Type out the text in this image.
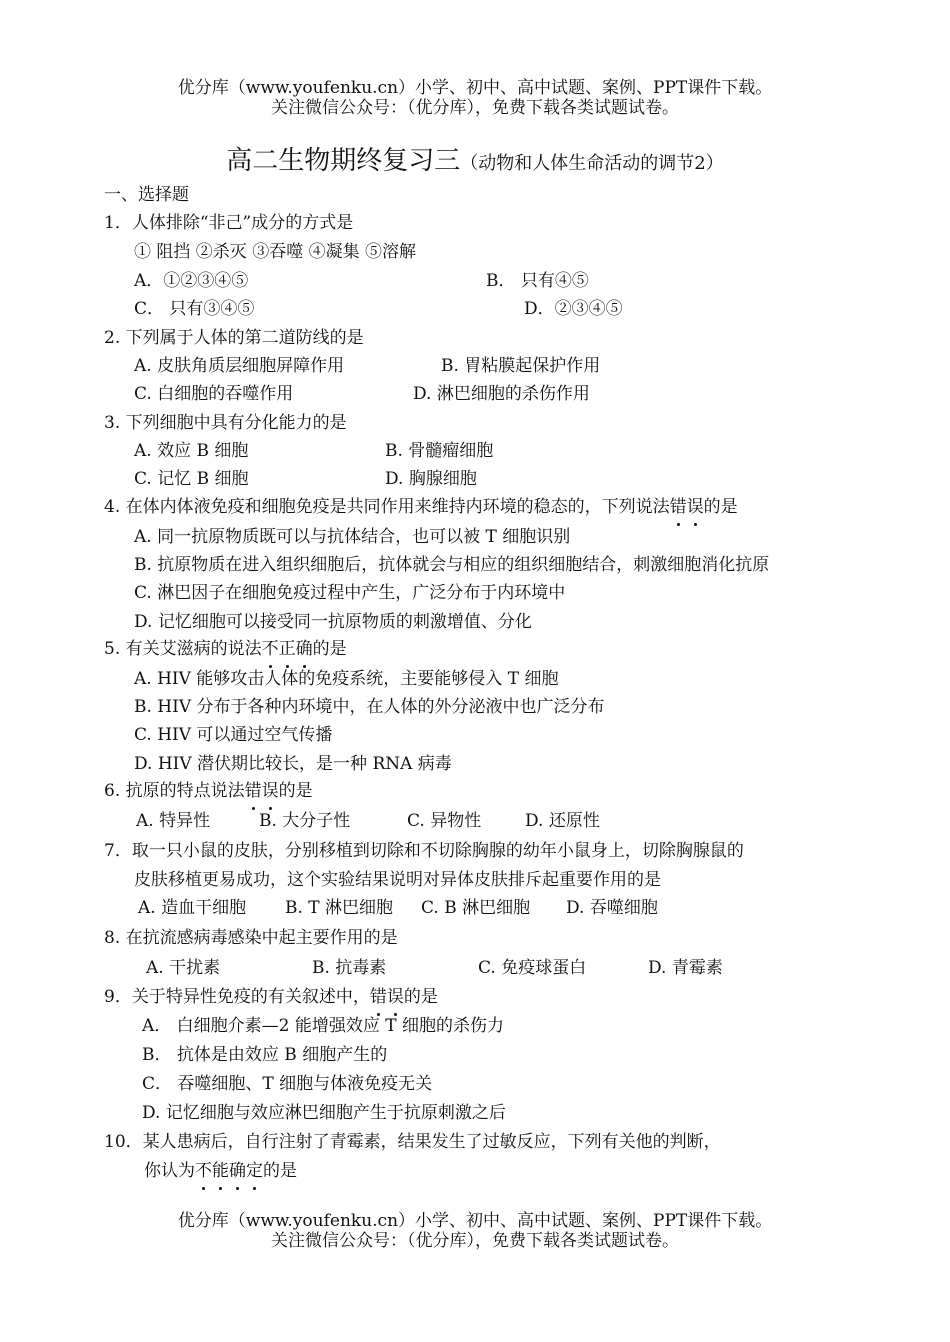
优分库（www.youfenku.cn）小学、初中、高中试题、案例、PPT课件下载。
关注微信公众号：（优分库），免费下载各类试题试卷。
高二生物期终复习三（动物和人体生命活动的调节2）
一、选择题
1．人体排除“非己”成分的方式是
① 阻挡 ②杀灭 ③吞噬 ④凝集 ⑤溶解
A．①②③④⑤	B． 只有④⑤
C． 只有③④⑤	D．②③④⑤
2. 下列属于人体的第二道防线的是
A. 皮肤角质层细胞屏障作用	B. 胃粘膜起保护作用
C. 白细胞的吞噬作用	D. 淋巴细胞的杀伤作用
3. 下列细胞中具有分化能力的是
A. 效应 B 细胞	B. 骨髓瘤细胞
C. 记忆 B 细胞	D. 胸腺细胞
4. 在体内体液免疫和细胞免疫是共同作用来维持内环境的稳态的，下列说法错误的是
A. 同一抗原物质既可以与抗体结合，也可以被 T 细胞识别
B. 抗原物质在进入组织细胞后，抗体就会与相应的组织细胞结合，刺激细胞消化抗原
C. 淋巴因子在细胞免疫过程中产生，广泛分布于内环境中
D. 记忆细胞可以接受同一抗原物质的刺激增值、分化
5. 有关艾滋病的说法不正确的是
A. HIV 能够攻击人体的免疫系统，主要能够侵入 T 细胞
B. HIV 分布于各种内环境中，在人体的外分泌液中也广泛分布
C. HIV 可以通过空气传播
D. HIV 潜伏期比较长，是一种 RNA 病毒
6. 抗原的特点说法错误的是
A. 特异性	B. 大分子性	C. 异物性	D. 还原性
7．取一只小鼠的皮肤，分别移植到切除和不切除胸腺的幼年小鼠身上，切除胸腺鼠的
皮肤移植更易成功，这个实验结果说明对异体皮肤排斥起重要作用的是
A. 造血干细胞 B. T 淋巴细胞 C. B 淋巴细胞 D. 吞噬细胞
8. 在抗流感病毒感染中起主要作用的是
A. 干扰素	B. 抗毒素	C. 免疫球蛋白	D. 青霉素
9．关于特异性免疫的有关叙述中，错误的是
A． 白细胞介素—2 能增强效应 T 细胞的杀伤力
B． 抗体是由效应 B 细胞产生的
C． 吞噬细胞、T 细胞与体液免疫无关
D. 记忆细胞与效应淋巴细胞产生于抗原刺激之后
10．某人患病后，自行注射了青霉素，结果发生了过敏反应，下列有关他的判断，
你认为不能确定的是
优分库（www.youfenku.cn）小学、初中、高中试题、案例、PPT课件下载。
关注微信公众号：（优分库），免费下载各类试题试卷。
